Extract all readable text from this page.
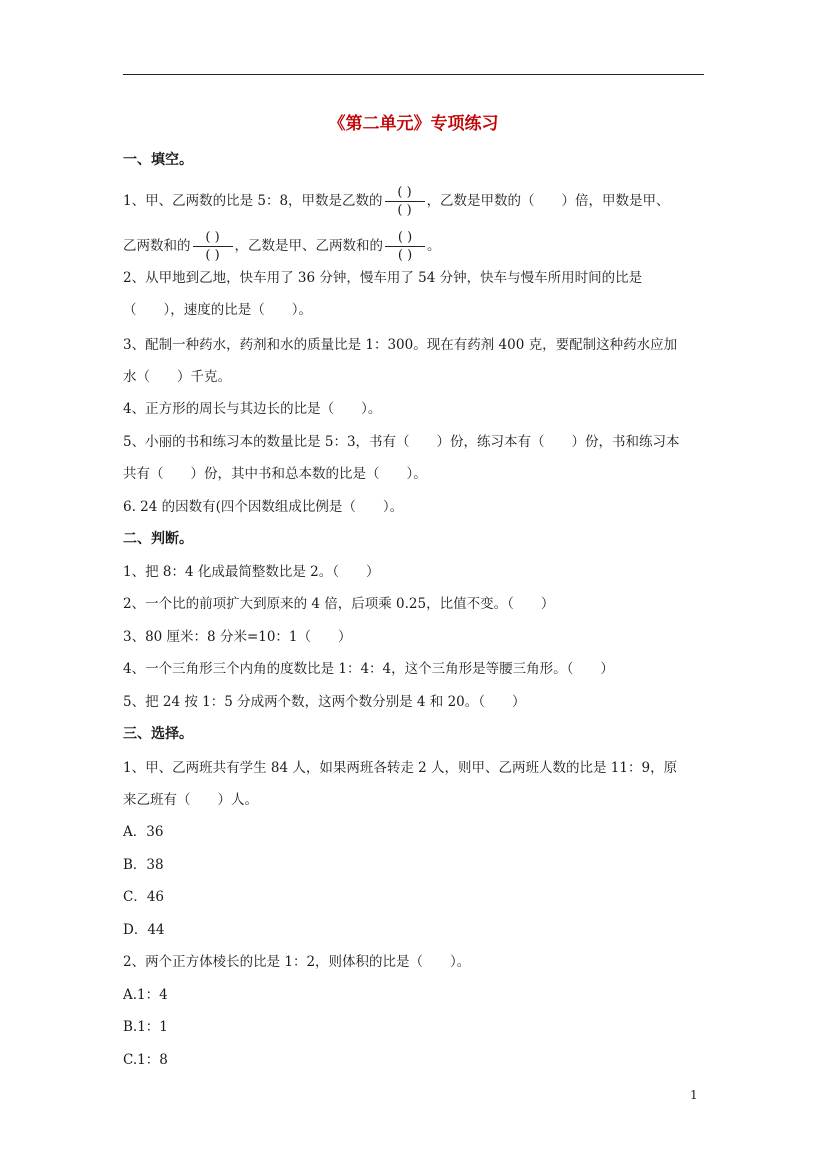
《第二单元》专项练习
一、填空。
1、甲、乙两数的比是 5：8，甲数是乙数的 $\frac{( )}{( )}$ ，乙数是甲数的（　　）倍，甲数是甲、
乙两数和的 $\frac{( )}{( )}$ ，乙数是甲、乙两数和的 $\frac{( )}{( )}$ 。
2、从甲地到乙地，快车用了 36 分钟，慢车用了 54 分钟，快车与慢车所用时间的比是
（　　），速度的比是（　　）。
3、配制一种药水，药剂和水的质量比是 1：300。现在有药剂 400 克，要配制这种药水应加
水（　　）千克。
4、正方形的周长与其边长的比是（　　）。
5、小丽的书和练习本的数量比是 5：3，书有（　　）份，练习本有（　　）份，书和练习本
共有（　　）份，其中书和总本数的比是（　　）。
6. 24 的因数有(四个因数组成比例是（　　）。
二、判断。
1、把 8：4 化成最简整数比是 2。（　　）
2、一个比的前项扩大到原来的 4 倍，后项乘 0.25，比值不变。（　　）
3、80 厘米：8 分米=10：1（　　）
4、一个三角形三个内角的度数比是 1：4：4，这个三角形是等腰三角形。（　　）
5、把 24 按 1：5 分成两个数，这两个数分别是 4 和 20。（　　）
三、选择。
1、甲、乙两班共有学生 84 人，如果两班各转走 2 人，则甲、乙两班人数的比是 11：9，原
来乙班有（　　）人。
A．36
B．38
C．46
D．44
2、两个正方体棱长的比是 1：2，则体积的比是（　　）。
A.1：4
B.1：1
C.1：8
1
